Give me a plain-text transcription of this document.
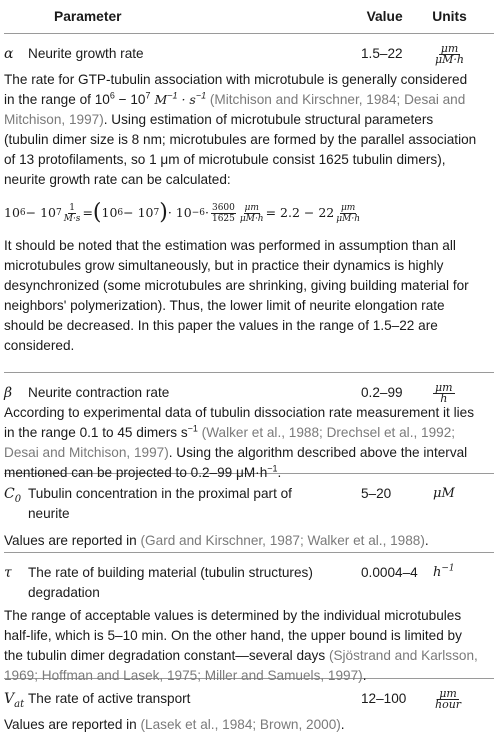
Parameter	Value	Units
α	Neurite growth rate	1.5–22	$\frac{\mu m}{\mu M\cdot h}$

The rate for GTP-tubulin association with microtubule is generally considered in the range of $10^6 - 10^7$ $M^{-1} \cdot s^{-1}$ (Mitchison and Kirschner, 1984; Desai and Mitchison, 1997). Using estimation of microtubule structural parameters (tubulin dimer size is 8 nm; microtubules are formed by the parallel association of 13 protofilaments, so 1 μm of microtubule consist 1625 tubulin dimers), neurite growth rate can be calculated:

10 6 − 10 $7 \frac{1}{M\cdot s}$ = ( 10 6 − 10 7 ) · 10 −6 · 3600
$1625 \frac{\mu m}{\mu M\cdot h} = 2.2 - 22$ μm
μM·h

It should be noted that the estimation was performed in assumption than all microtubules grow simultaneously, but in practice their dynamics is highly desynchronized (some microtubules are shrinking, giving building material for neighbors' polymerization). Thus, the lower limit of neurite elongation rate should be decreased. In this paper the values in the range of 1.5–22 are considered.

β	Neurite contraction rate	0.2–99	$\frac{\mu m}{h}$

According to experimental data of tubulin dissociation rate measurement it lies in the range 0.1 to 45 dimers $s^{-1}$ (Walker et al., 1988; Drechsel et al., 1992; Desai and Mitchison, 1997). Using the algorithm described above the interval mentioned can be projected to 0.2–99 $\mu M\cdot h^{-1}$.

$C_0$ Tubulin concentration in the proximal part of
neurite
5–20	μM

Values are reported in (Gard and Kirschner, 1987; Walker et al., 1988).

τ	The rate of building material (tubulin structures)
degradation
0.0004–4	$h^{-1}$

The range of acceptable values is determined by the individual microtubules half-life, which is 5–10 min. On the other hand, the upper bound is limited by the tubulin dimer degradation constant—several days (Sjöstrand and Karlsson, 1969; Hoffman and Lasek, 1975; Miller and Samuels, 1997).

$V_{at}$ The rate of active transport	12–100	$\frac{\mu m}{\text{hour}}$

Values are reported in (Lasek et al., 1984; Brown, 2000).
